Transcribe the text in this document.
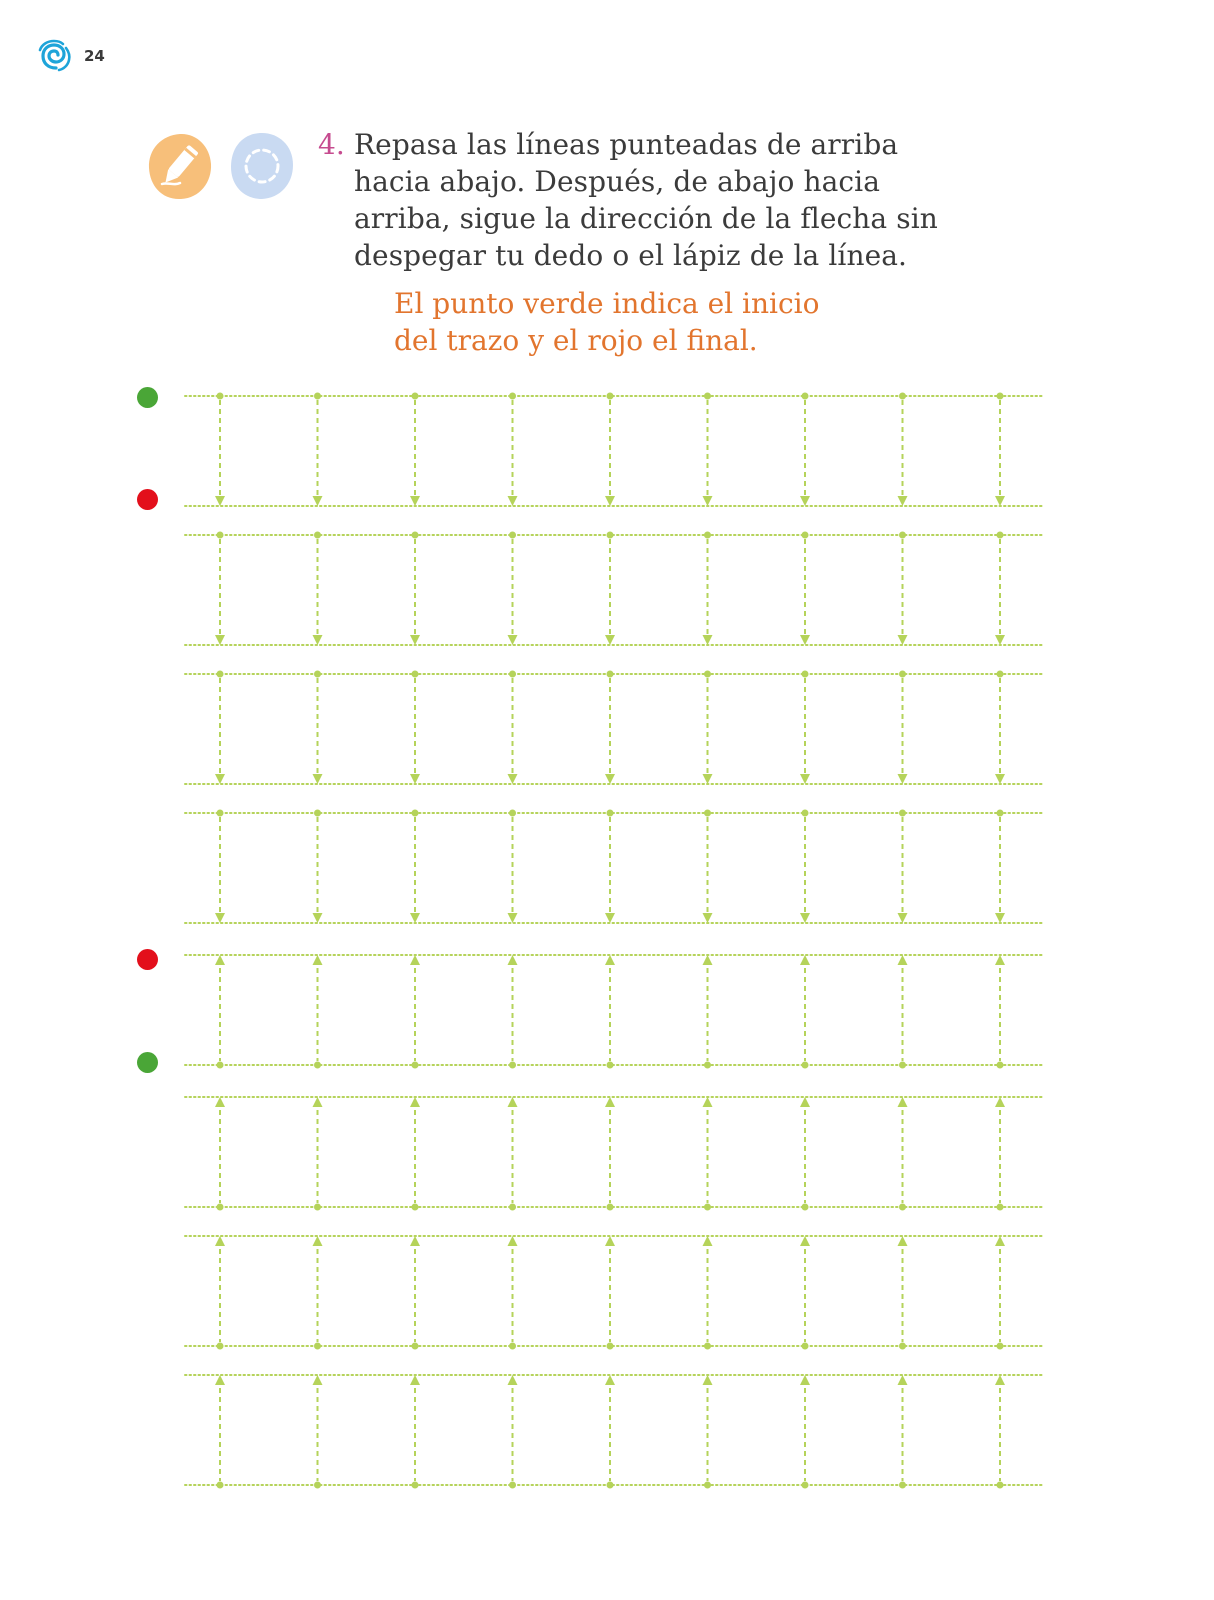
24
4. Repasa las líneas punteadas de arriba
hacia abajo. Después, de abajo hacia
arriba, sigue la dirección de la flecha sin
despegar tu dedo o el lápiz de la línea.
El punto verde indica el inicio
del trazo y el rojo el final.
